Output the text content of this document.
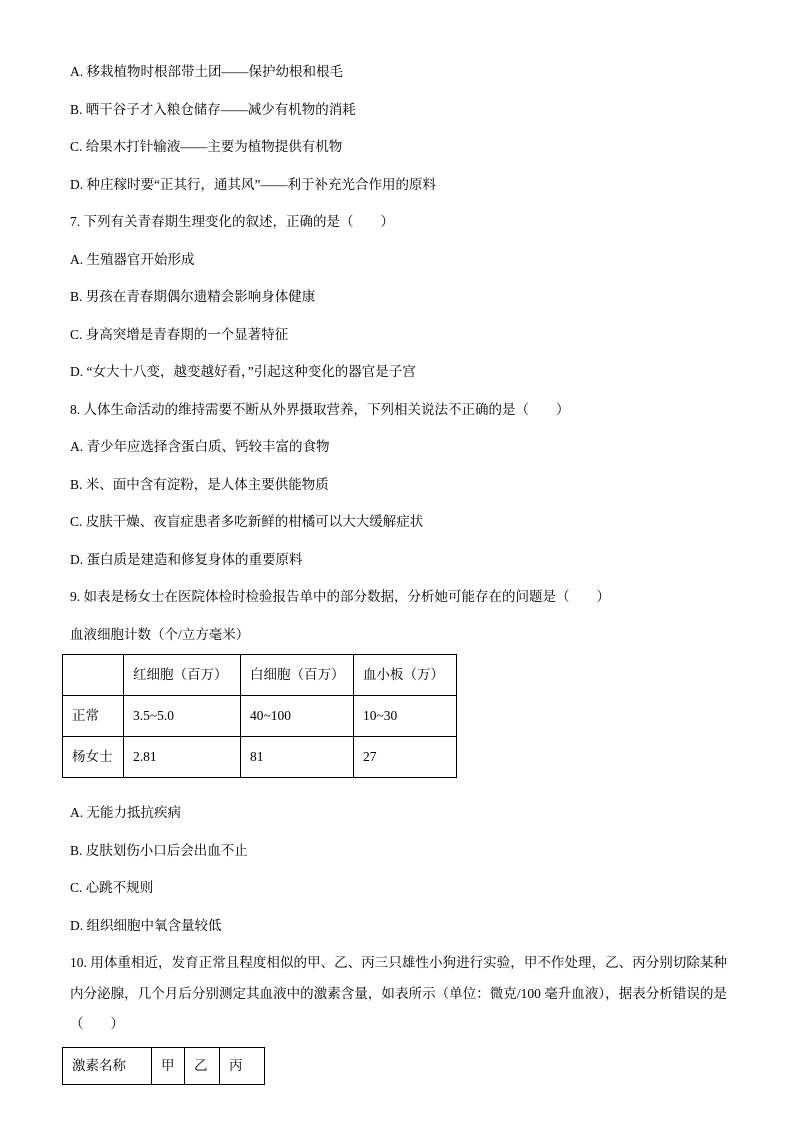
A. 移栽植物时根部带土团——保护幼根和根毛

B. 晒干谷子才入粮仓储存——减少有机物的消耗

C. 给果木打针输液――主要为植物提供有机物

D. 种庄稼时要“正其行，通其风”——利于补充光合作用的原料

7. 下列有关青春期生理变化的叙述，正确的是（　　）

A. 生殖器官开始形成

B. 男孩在青春期偶尔遗精会影响身体健康

C. 身高突增是青春期的一个显著特征

D. “女大十八变，越变越好看，”引起这种变化的器官是子宫

8. 人体生命活动的维持需要不断从外界摄取营养，下列相关说法不正确的是（　　）

A. 青少年应选择含蛋白质、钙较丰富的食物

B. 米、面中含有淀粉，是人体主要供能物质

C. 皮肤干燥、夜盲症患者多吃新鲜的柑橘可以大大缓解症状

D. 蛋白质是建造和修复身体的重要原料

9. 如表是杨女士在医院体检时检验报告单中的部分数据，分析她可能存在的问题是（　　）

血液细胞计数（个/立方毫米）

	红细胞（百万）	白细胞（百万）	血小板（万）
正常	3.5~5.0	40~100	10~30
杨女士	2.81	81	27

A. 无能力抵抗疾病

B. 皮肤划伤小口后会出血不止

C. 心跳不规则

D. 组织细胞中氧含量较低

10. 用体重相近，发育正常且程度相似的甲、乙、丙三只雄性小狗进行实验，甲不作处理，乙、丙分别切除某种内分泌腺，几个月后分别测定其血液中的激素含量，如表所示（单位：微克/100 毫升血液），据表分析错误的是（　　）

激素名称	甲	乙	丙
